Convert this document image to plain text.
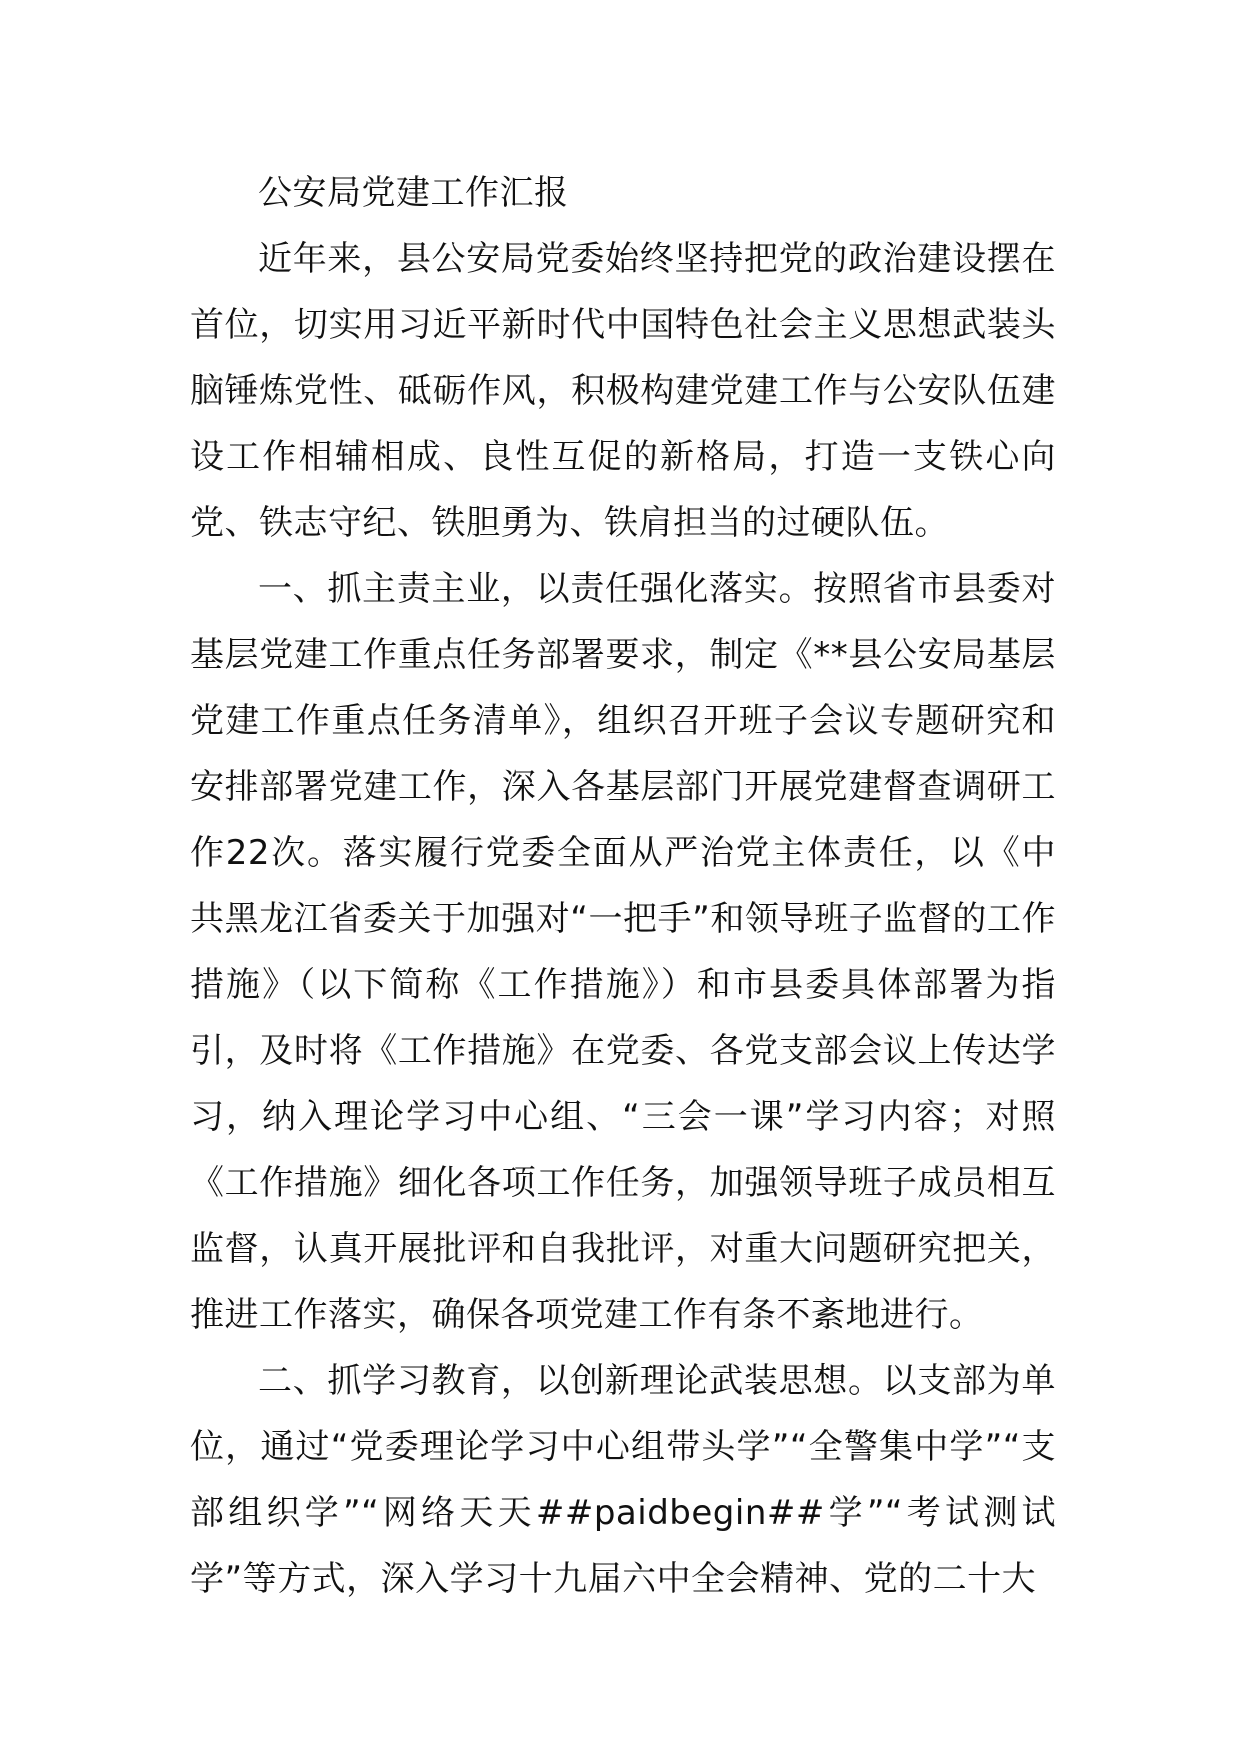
公安局党建工作汇报

近年来，县公安局党委始终坚持把党的政治建设摆在首位，切实用习近平新时代中国特色社会主义思想武装头脑锤炼党性、砥砺作风，积极构建党建工作与公安队伍建设工作相辅相成、良性互促的新格局，打造一支铁心向党、铁志守纪、铁胆勇为、铁肩担当的过硬队伍。

一、抓主责主业，以责任强化落实。按照省市县委对基层党建工作重点任务部署要求，制定《**县公安局基层党建工作重点任务清单》，组织召开班子会议专题研究和安排部署党建工作，深入各基层部门开展党建督查调研工作22次。落实履行党委全面从严治党主体责任，以《中共黑龙江省委关于加强对“一把手”和领导班子监督的工作措施》（以下简称《工作措施》）和市县委具体部署为指引，及时将《工作措施》在党委、各党支部会议上传达学习，纳入理论学习中心组、“三会一课”学习内容；对照《工作措施》细化各项工作任务，加强领导班子成员相互监督，认真开展批评和自我批评，对重大问题研究把关，推进工作落实，确保各项党建工作有条不紊地进行。

二、抓学习教育，以创新理论武装思想。以支部为单位，通过“党委理论学习中心组带头学”“全警集中学”“支部组织学”“网络天天##paidbegin##学”“考试测试学”等方式，深入学习十九届六中全会精神、党的二十大
